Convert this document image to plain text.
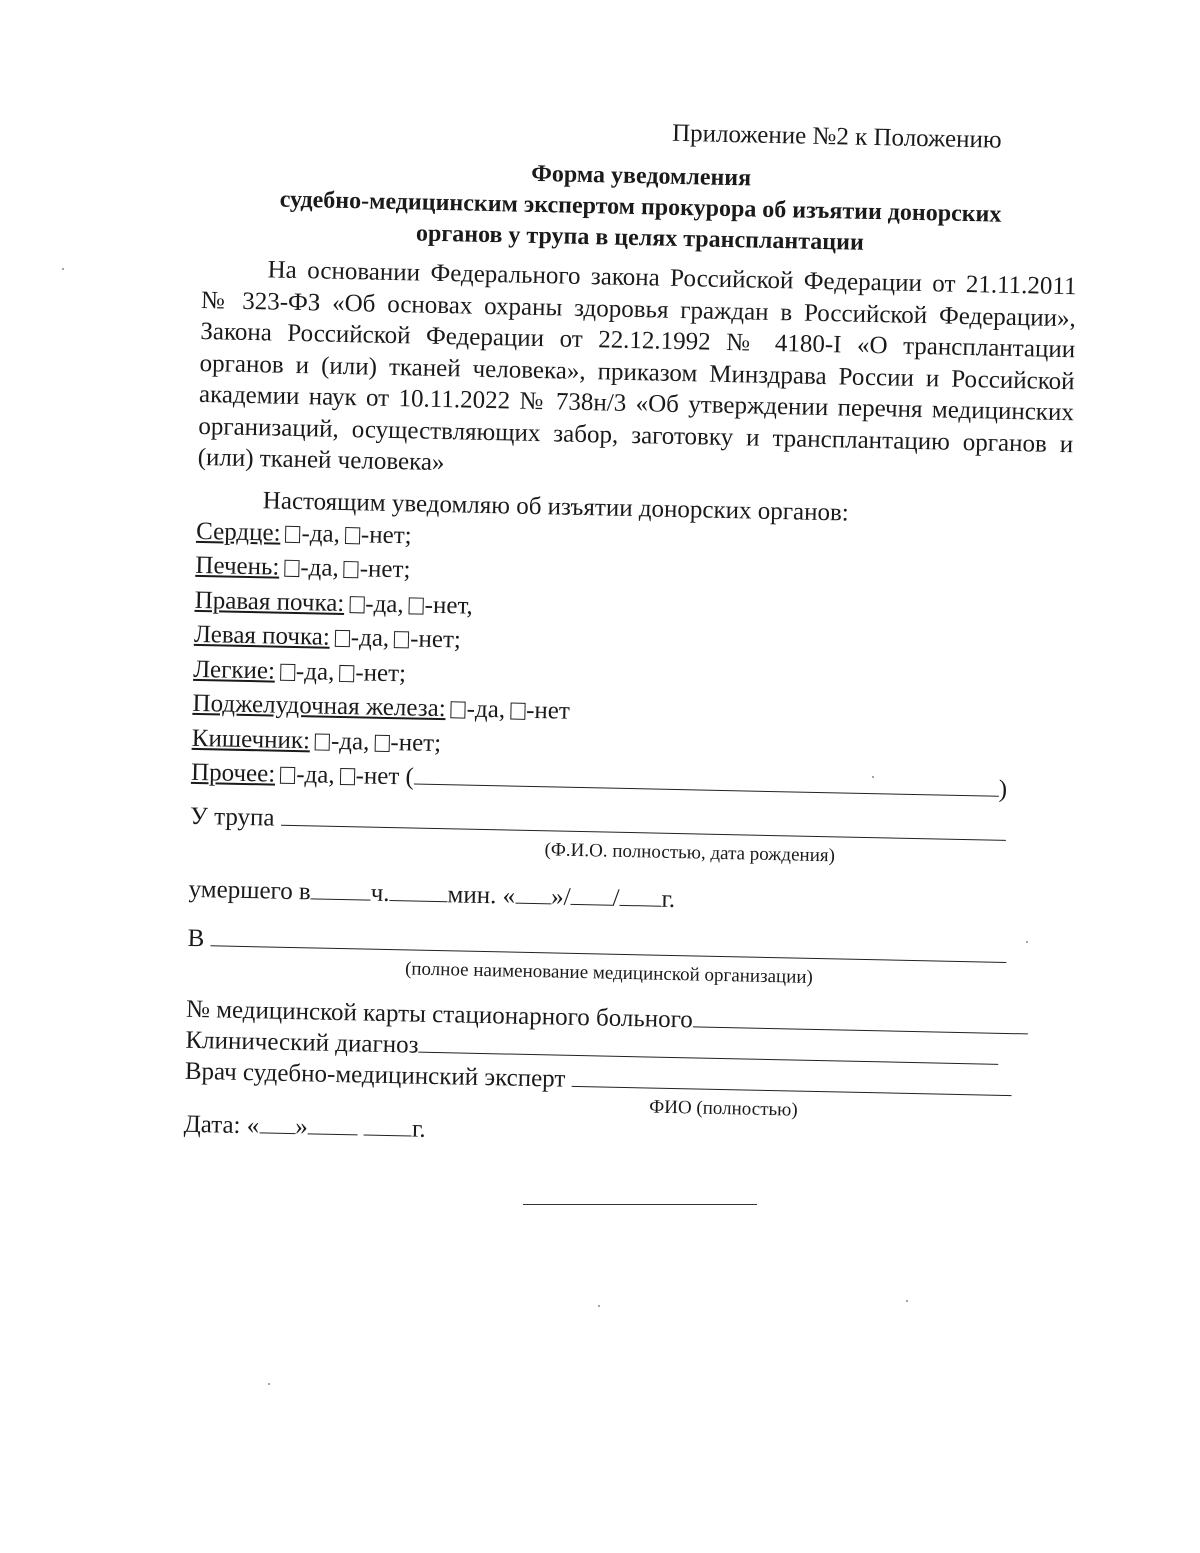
Приложение №2 к Положению
Форма уведомления
судебно-медицинским экспертом прокурора об изъятии донорских
органов у трупа в целях трансплантации

На основании Федерального закона Российской Федерации от 21.11.2011 № 323-ФЗ «Об основах охраны здоровья граждан в Российской Федерации», Закона Российской Федерации от 22.12.1992 № 4180-I «О трансплантации органов и (или) тканей человека», приказом Минздрава России и Российской академии наук от 10.11.2022 № 738н/3 «Об утверждении перечня медицинских организаций, осуществляющих забор, заготовку и трансплантацию органов и (или) тканей человека»

Настоящим уведомляю об изъятии донорских органов:

Сердце: -да, -нет;
Печень: -да, -нет;
Правая почка: -да, -нет,
Левая почка: -да, -нет;
Легкие: -да, -нет;
Поджелудочная железа: -да, -нет
Кишечник: -да, -нет;
Прочее: -да, -нет (	)
У трупа
(Ф.И.О. полностью, дата рождения)
умершего в ч. мин. « »/ / г.
В
(полное наименование медицинской организации)
№ медицинской карты стационарного больного
Клинический диагноз
Врач судебно-медицинский эксперт
ФИО (полностью)
Дата: « »	г.
